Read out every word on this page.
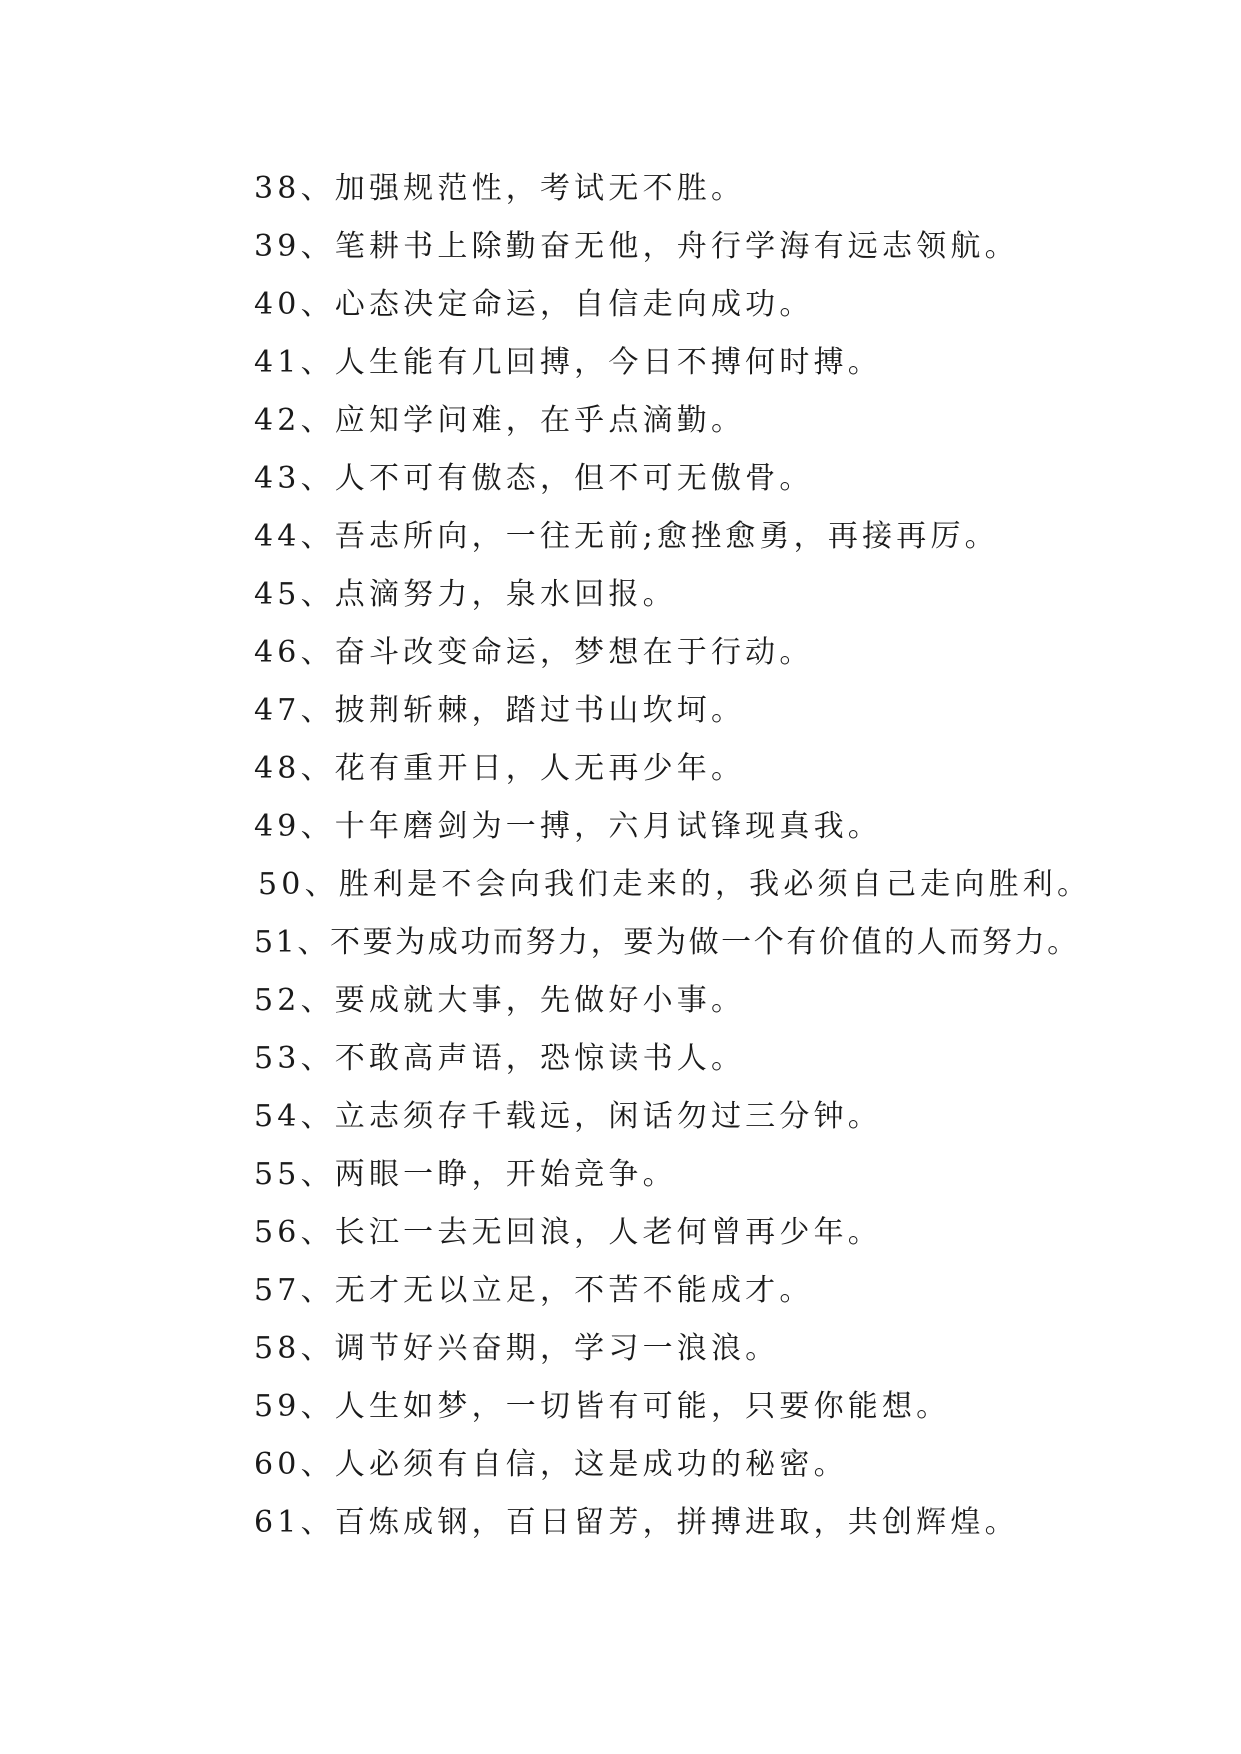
38、加强规范性，考试无不胜。
39、笔耕书上除勤奋无他，舟行学海有远志领航。
40、心态决定命运，自信走向成功。
41、人生能有几回搏，今日不搏何时搏。
42、应知学问难，在乎点滴勤。
43、人不可有傲态，但不可无傲骨。
44、吾志所向，一往无前;愈挫愈勇，再接再厉。
45、点滴努力，泉水回报。
46、奋斗改变命运，梦想在于行动。
47、披荆斩棘，踏过书山坎坷。
48、花有重开日，人无再少年。
49、十年磨剑为一搏，六月试锋现真我。
50、胜利是不会向我们走来的，我必须自己走向胜利。
51、不要为成功而努力，要为做一个有价值的人而努力。
52、要成就大事，先做好小事。
53、不敢高声语，恐惊读书人。
54、立志须存千载远，闲话勿过三分钟。
55、两眼一睁，开始竞争。
56、长江一去无回浪，人老何曾再少年。
57、无才无以立足，不苦不能成才。
58、调节好兴奋期，学习一浪浪。
59、人生如梦，一切皆有可能，只要你能想。
60、人必须有自信，这是成功的秘密。
61、百炼成钢，百日留芳，拼搏进取，共创辉煌。
